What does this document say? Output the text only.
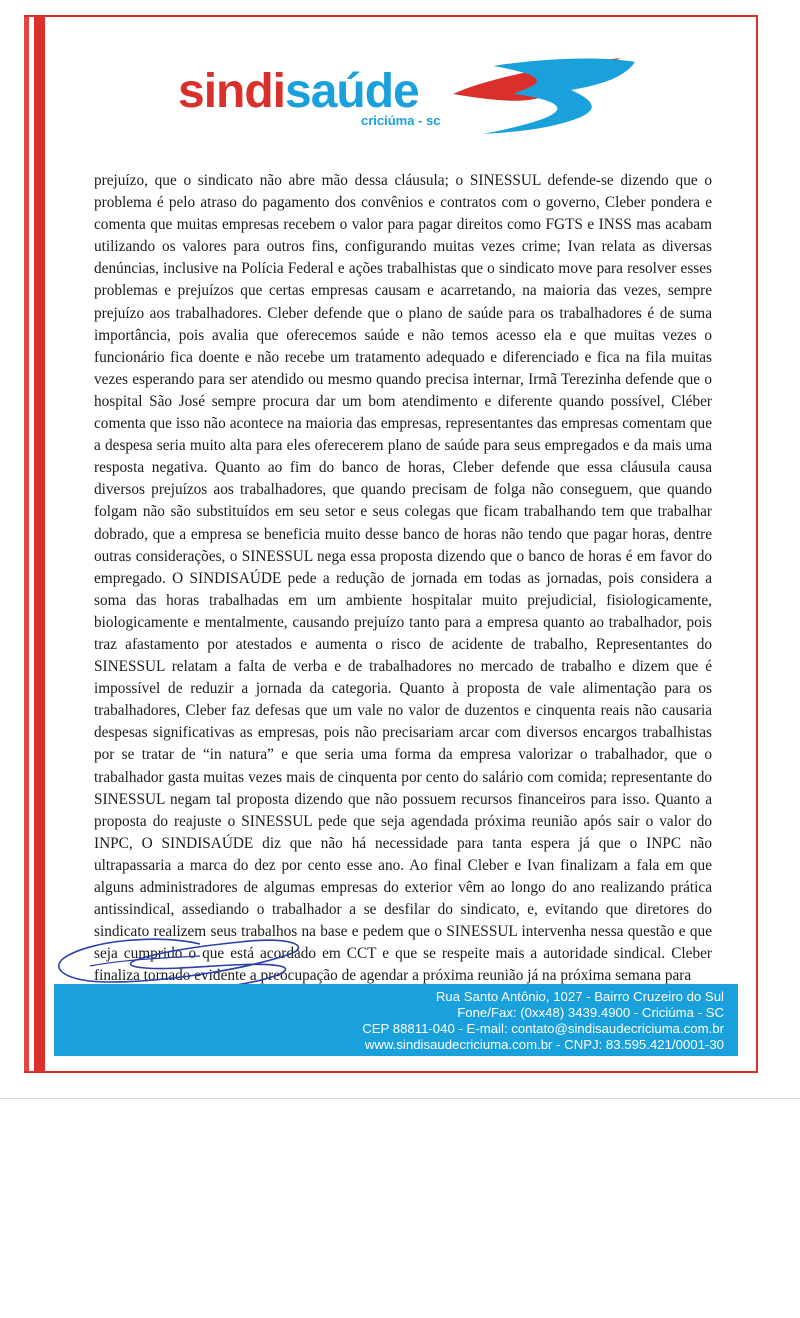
sindisaúde
criciúma - sc
prejuízo, que o sindicato não abre mão dessa cláusula; o SINESSUL defende-se dizendo que o problema é pelo atraso do pagamento dos convênios e contratos com o governo, Cleber pondera e comenta que muitas empresas recebem o valor para pagar direitos como FGTS e INSS mas acabam utilizando os valores para outros fins, configurando muitas vezes crime; Ivan relata as diversas denúncias, inclusive na Polícia Federal e ações trabalhistas que o sindicato move para resolver esses problemas e prejuízos que certas empresas causam e acarretando, na maioria das vezes, sempre prejuízo aos trabalhadores. Cleber defende que o plano de saúde para os trabalhadores é de suma importância, pois avalia que oferecemos saúde e não temos acesso ela e que muitas vezes o funcionário fica doente e não recebe um tratamento adequado e diferenciado e fica na fila muitas vezes esperando para ser atendido ou mesmo quando precisa internar, Irmã Terezinha defende que o hospital São José sempre procura dar um bom atendimento e diferente quando possível, Cléber comenta que isso não acontece na maioria das empresas, representantes das empresas comentam que a despesa seria muito alta para eles oferecerem plano de saúde para seus empregados e da mais uma resposta negativa. Quanto ao fim do banco de horas, Cleber defende que essa cláusula causa diversos prejuízos aos trabalhadores, que quando precisam de folga não conseguem, que quando folgam não são substituídos em seu setor e seus colegas que ficam trabalhando tem que trabalhar dobrado, que a empresa se beneficia muito desse banco de horas não tendo que pagar horas, dentre outras considerações, o SINESSUL nega essa proposta dizendo que o banco de horas é em favor do empregado. O SINDISAÚDE pede a redução de jornada em todas as jornadas, pois considera a soma das horas trabalhadas em um ambiente hospitalar muito prejudicial, fisiologicamente, biologicamente e mentalmente, causando prejuízo tanto para a empresa quanto ao trabalhador, pois traz afastamento por atestados e aumenta o risco de acidente de trabalho, Representantes do SINESSUL relatam a falta de verba e de trabalhadores no mercado de trabalho e dizem que é impossível de reduzir a jornada da categoria. Quanto à proposta de vale alimentação para os trabalhadores, Cleber faz defesas que um vale no valor de duzentos e cinquenta reais não causaria despesas significativas as empresas, pois não precisariam arcar com diversos encargos trabalhistas por se tratar de “in natura” e que seria uma forma da empresa valorizar o trabalhador, que o trabalhador gasta muitas vezes mais de cinquenta por cento do salário com comida; representante do SINESSUL negam tal proposta dizendo que não possuem recursos financeiros para isso. Quanto a proposta do reajuste o SINESSUL pede que seja agendada próxima reunião após sair o valor do INPC, O SINDISAÚDE diz que não há necessidade para tanta espera já que o INPC não ultrapassaria a marca do dez por cento esse ano. Ao final Cleber e Ivan finalizam a fala em que alguns administradores de algumas empresas do exterior vêm ao longo do ano realizando prática antissindical, assediando o trabalhador a se desfilar do sindicato, e, evitando que diretores do sindicato realizem seus trabalhos na base e pedem que o SINESSUL intervenha nessa questão e que seja cumprido o que está acordado em CCT e que se respeite mais a autoridade sindical. Cleber finaliza tornado evidente a preocupação de agendar a próxima reunião já na próxima semana para
Rua Santo Antônio, 1027 - Bairro Cruzeiro do Sul
Fone/Fax: (0xx48) 3439.4900 - Criciúma - SC
CEP 88811-040 - E-mail: contato@sindisaudecriciuma.com.br
www.sindisaudecriciuma.com.br - CNPJ: 83.595.421/0001-30
